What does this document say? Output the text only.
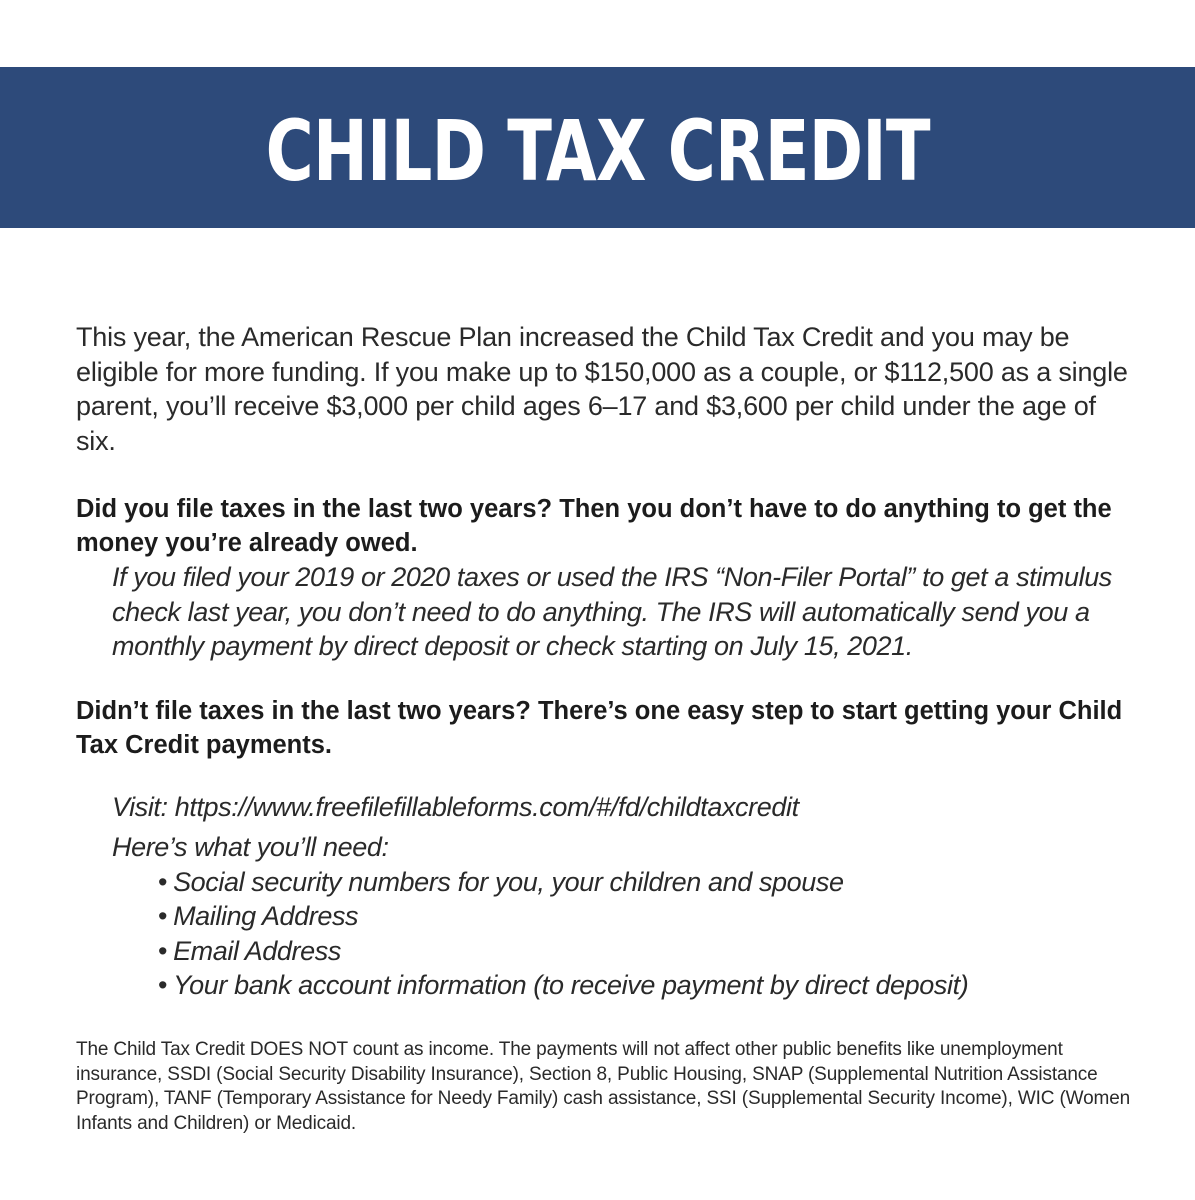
CHILD TAX CREDIT

This year, the American Rescue Plan increased the Child Tax Credit and you may be eligible for more funding. If you make up to $150,000 as a couple, or $112,500 as a single parent, you’ll receive $3,000 per child ages 6–17 and $3,600 per child under the age of six.

Did you file taxes in the last two years? Then you don’t have to do anything to get the money you’re already owed.

If you filed your 2019 or 2020 taxes or used the IRS “Non-Filer Portal” to get a stimulus check last year, you don’t need to do anything. The IRS will automatically send you a monthly payment by direct deposit or check starting on July 15, 2021.

Didn’t file taxes in the last two years? There’s one easy step to start getting your Child Tax Credit payments.

Visit: https://www.freefilefillableforms.com/#/fd/childtaxcredit
Here’s what you’ll need:
• Social security numbers for you, your children and spouse
• Mailing Address
• Email Address
• Your bank account information (to receive payment by direct deposit)

The Child Tax Credit DOES NOT count as income. The payments will not affect other public benefits like unemployment insurance, SSDI (Social Security Disability Insurance), Section 8, Public Housing, SNAP (Supplemental Nutrition Assistance Program), TANF (Temporary Assistance for Needy Family) cash assistance, SSI (Supplemental Security Income), WIC (Women Infants and Children) or Medicaid.
